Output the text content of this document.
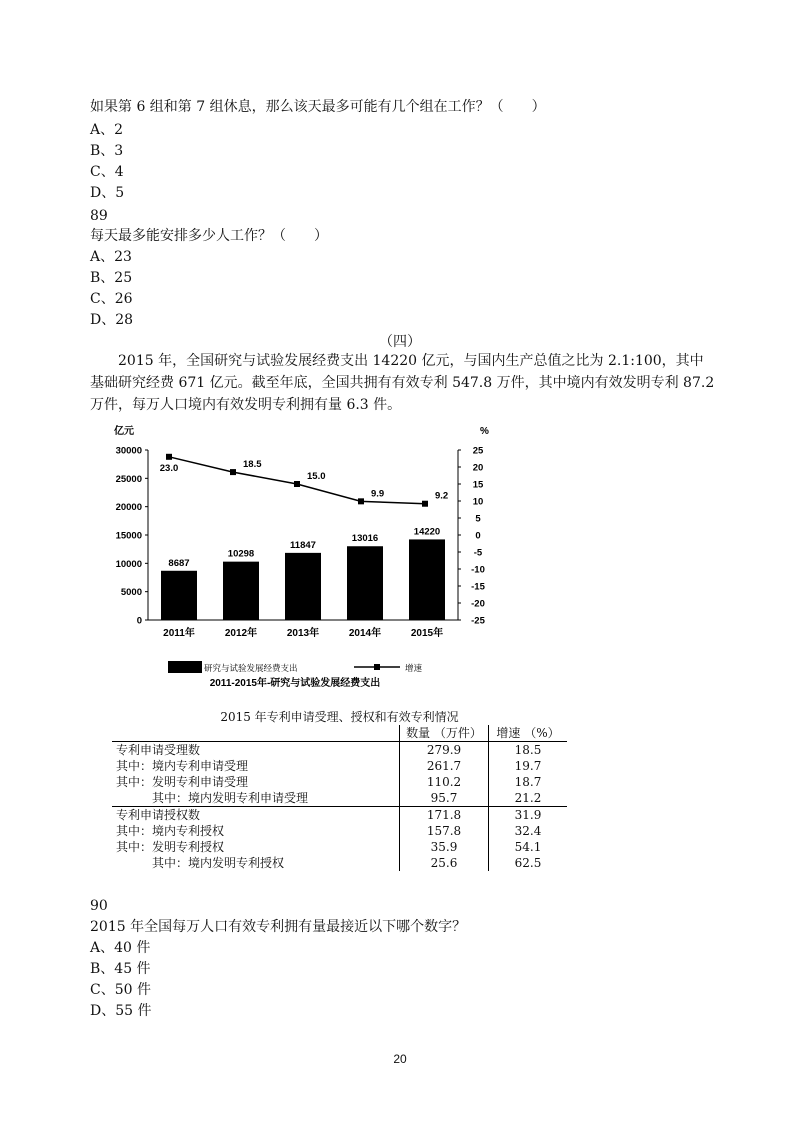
如果第 6 组和第 7 组休息，那么该天最多可能有几个组在工作？（　　）
A、2
B、3
C、4
D、5
89
每天最多能安排多少人工作？（　　）
A、23
B、25
C、26
D、28
（四）
2015 年，全国研究与试验发展经费支出 14220 亿元，与国内生产总值之比为 2.1:100，其中基础研究经费 671 亿元。截至年底，全国共拥有有效专利 547.8 万件，其中境内有效发明专利 87.2 万件，每万人口境内有效发明专利拥有量 6.3 件。
亿元	%
0
5000
10000
15000
20000
25000
30000
-25
-20
-15
-10
-5
0
5
10
15
20
25
2011年	2012年	2013年	2014年	2015年
8687
10298
11847
13016
14220
23.0	18.5
15.0
9.9	9.2
研究与试验发展经费支出	增速
2011-2015年-研究与试验发展经费支出
2015 年专利申请受理、授权和有效专利情况
	数量 （万件）	增速 （%）
专利申请受理数	279.9	18.5
其中：境内专利申请受理	261.7	19.7
其中：发明专利申请受理	110.2	18.7
其中：境内发明专利申请受理	95.7	21.2
专利申请授权数	171.8	31.9
其中：境内专利授权	157.8	32.4
其中：发明专利授权	35.9	54.1
其中：境内发明专利授权	25.6	62.5
90
2015 年全国每万人口有效专利拥有量最接近以下哪个数字？
A、40 件
B、45 件
C、50 件
D、55 件
20
